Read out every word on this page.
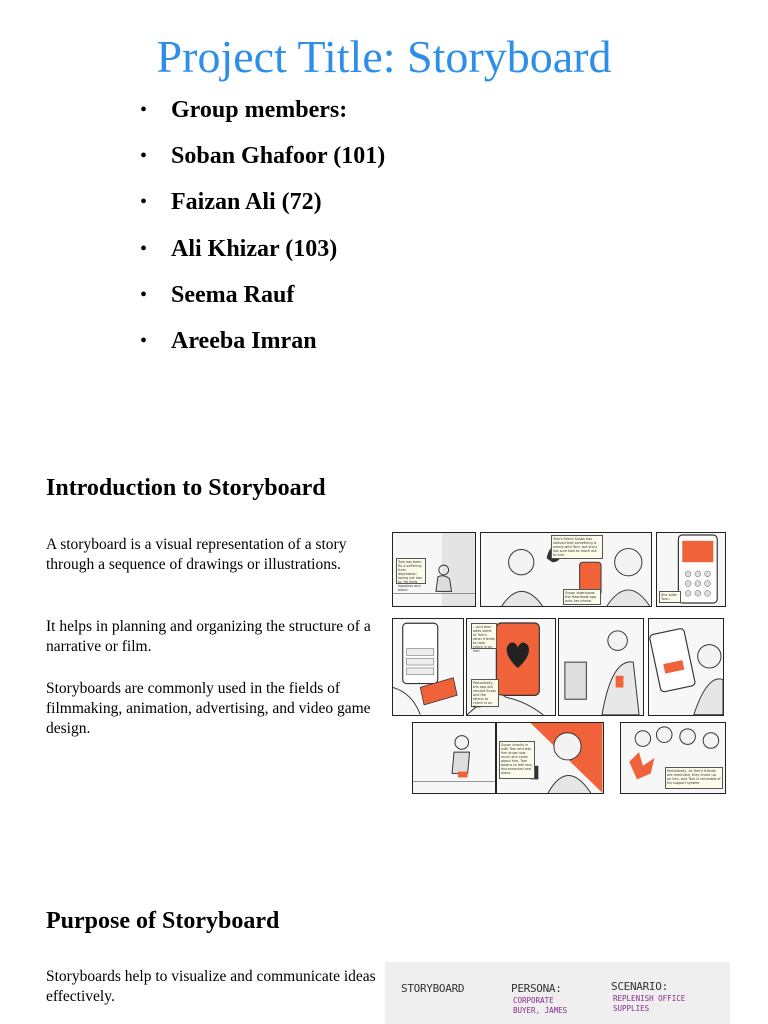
Project Title: Storyboard
• Group members:
• Soban Ghafoor (101)
• Faizan Ali (72)
• Ali Khizar (103)
• Seema Rauf
• Areeba Imran
Introduction to Storyboard

A storyboard is a visual representation of a story through a sequence of drawings or illustrations.

It helps in planning and organizing the structure of a narrative or film.

Storyboards are commonly used in the fields of filmmaking, animation, advertising, and video game design.

Tom has been flu a suffering from depression losing not has to. He feels hopeless and alone.
Tom's friend Susan has noticed that something is wrong with Tom, but she's not sure how to reach out to him.
Susan downloads the Heartbeat app onto her phone.
She adds Tom...
...and then adds some of Tom's other friends to help check in on him.
Periodically, the app will remind Susan and the others to check in on Tom.
Susan checks in with Tom and lets him know how much she cares about him. Tom begins to feel less disconnected and alone.	Periodically, as Tom's friends are reminded, they check up on him, and Tom is reminded of his support system.
Purpose of Storyboard

Storyboards help to visualize and communicate ideas effectively.	STORYBOARD	PERSONA:
CORPORATE BUYER, JAMES
SCENARIO:
REPLENISH OFFICE SUPPLIES
